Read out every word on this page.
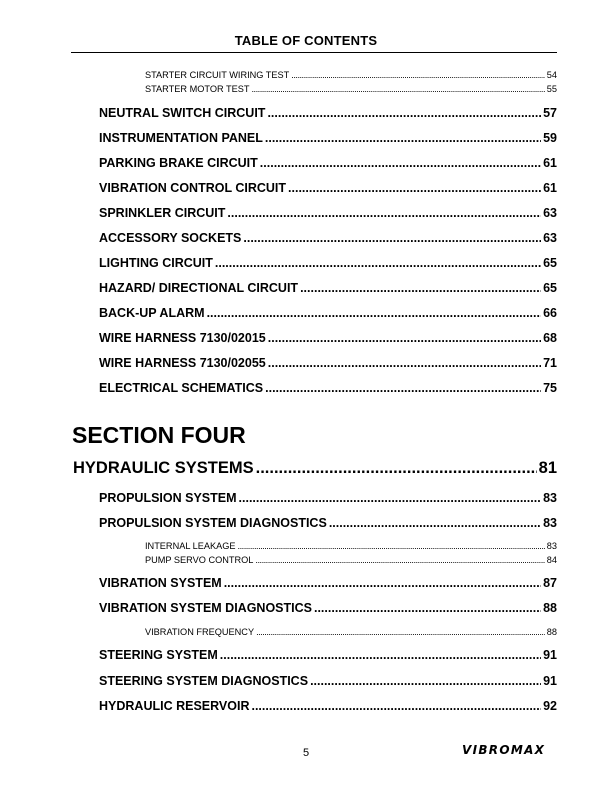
TABLE OF CONTENTS
STARTER CIRCUIT WIRING TEST .....	54
STARTER MOTOR TEST .....	55
NEUTRAL SWITCH CIRCUIT .....	57
INSTRUMENTATION PANEL .....	59
PARKING BRAKE CIRCUIT .....	61
VIBRATION CONTROL CIRCUIT .....	61
SPRINKLER CIRCUIT .....	63
ACCESSORY SOCKETS .....	63
LIGHTING CIRCUIT .....	65
HAZARD/ DIRECTIONAL CIRCUIT .....	65
BACK-UP ALARM .....	66
WIRE HARNESS 7130/02015 .....	68
WIRE HARNESS 7130/02055 .....	71
ELECTRICAL SCHEMATICS .....	75
SECTION FOUR
HYDRAULIC SYSTEMS .....	81
PROPULSION SYSTEM .....	83
PROPULSION SYSTEM DIAGNOSTICS .....	83
INTERNAL LEAKAGE .....	83
PUMP SERVO CONTROL .....	84
VIBRATION SYSTEM .....	87
VIBRATION SYSTEM DIAGNOSTICS .....	88
VIBRATION FREQUENCY .....	88
STEERING SYSTEM .....	91
STEERING SYSTEM DIAGNOSTICS .....	91
HYDRAULIC RESERVOIR .....	92
5	VIBROMAX
